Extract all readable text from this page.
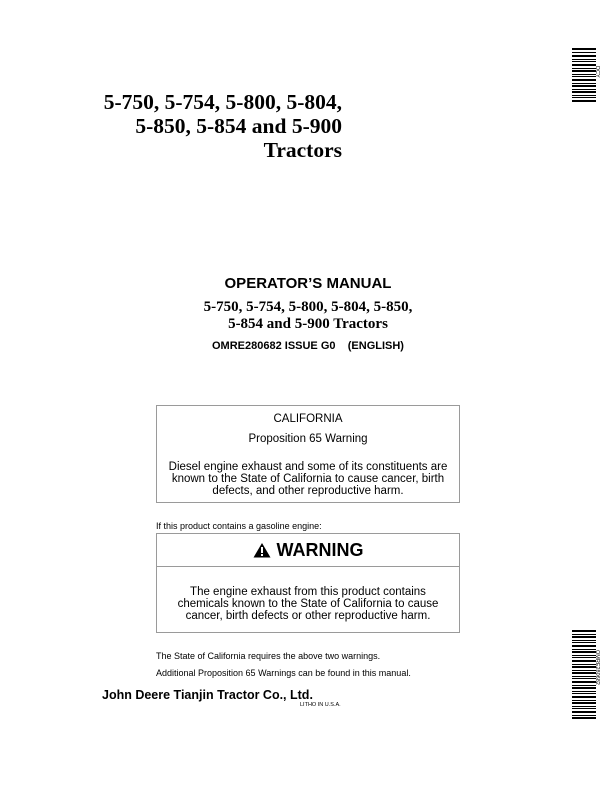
5-750, 5-754, 5-800, 5-804,
5-850, 5-854 and 5-900
Tractors
OPERATOR’S MANUAL
5-750, 5-754, 5-800, 5-804, 5-850,
5-854 and 5-900 Tractors
OMRE280682 ISSUE G0 (ENGLISH)
CALIFORNIA
Proposition 65 Warning
Diesel engine exhaust and some of its constituents are known to the State of California to cause cancer, birth defects, and other reproductive harm.
If this product contains a gasoline engine:
WARNING
The engine exhaust from this product contains chemicals known to the State of California to cause cancer, birth defects or other reproductive harm.
The State of California requires the above two warnings.
Additional Proposition 65 Warnings can be found in this manual.
John Deere Tianjin Tractor Co., Ltd.
LITHO IN U.S.A.
DCY
OMRE280682
